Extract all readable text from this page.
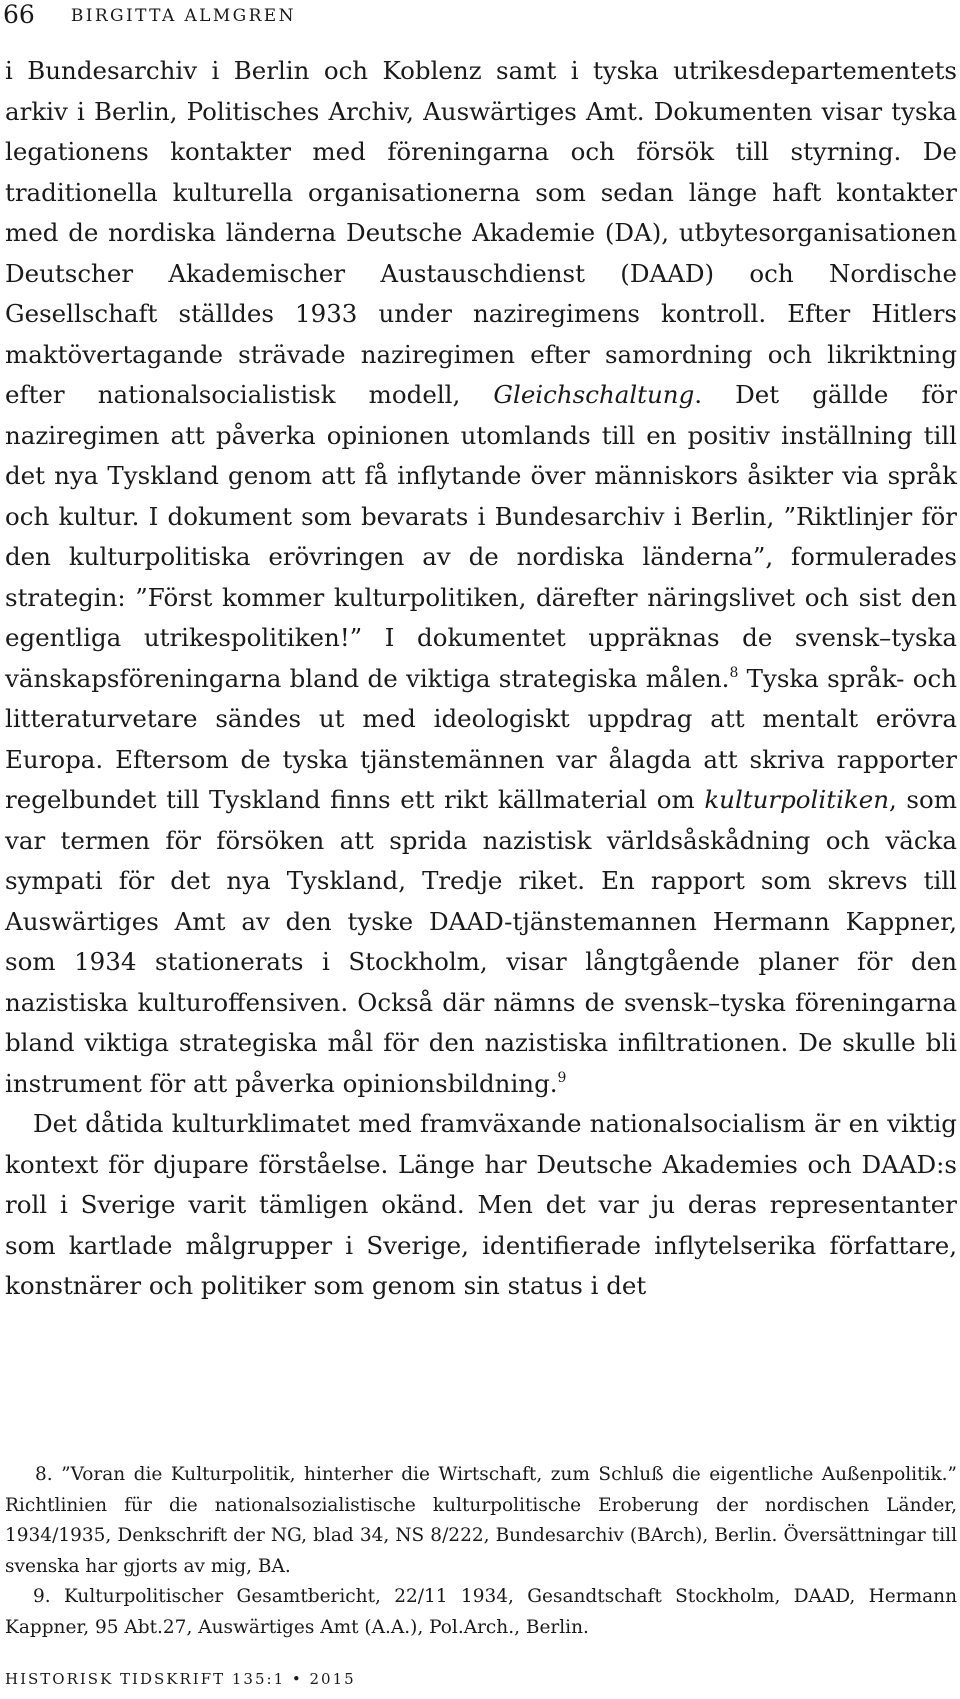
66 BIRGITTA ALMGREN

i Bundesarchiv i Berlin och Koblenz samt i tyska utrikesdepartementets arkiv i Berlin, Politisches Archiv, Auswärtiges Amt. Dokumenten visar tyska legationens kontakter med föreningarna och försök till styrning. De traditionella kulturella organisationerna som sedan länge haft kontakter med de nordiska länderna Deutsche Akademie (DA), utbytesorganisationen Deutscher Akademischer Austauschdienst (DAAD) och Nordische Gesellschaft ställdes 1933 under naziregimens kontroll. Efter Hitlers maktövertagande strävade naziregimen efter samordning och likriktning efter nationalsocialistisk modell, Gleichschaltung. Det gällde för naziregimen att påverka opinionen utomlands till en positiv inställning till det nya Tyskland genom att få inflytande över människors åsikter via språk och kultur. I dokument som bevarats i Bundesarchiv i Berlin, ”Riktlinjer för den kulturpolitiska erövringen av de nordiska länderna”, formulerades strategin: ”Först kommer kulturpolitiken, därefter näringslivet och sist den egentliga utrikespolitiken!” I dokumentet uppräknas de svensk–tyska vänskapsföreningarna bland de viktiga strategiska målen.$^8$ Tyska språk- och litteraturvetare sändes ut med ideologiskt uppdrag att mentalt erövra Europa. Eftersom de tyska tjänstemännen var ålagda att skriva rapporter regelbundet till Tyskland finns ett rikt källmaterial om kulturpolitiken, som var termen för försöken att sprida nazistisk världsåskådning och väcka sympati för det nya Tyskland, Tredje riket. En rapport som skrevs till Auswärtiges Amt av den tyske DAAD-tjänstemannen Hermann Kappner, som 1934 stationerats i Stockholm, visar långtgående planer för den nazistiska kulturoffensiven. Också där nämns de svensk–tyska föreningarna bland viktiga strategiska mål för den nazistiska infiltrationen. De skulle bli instrument för att påverka opinionsbildning.$^9$

Det dåtida kulturklimatet med framväxande nationalsocialism är en viktig kontext för djupare förståelse. Länge har Deutsche Akademies och DAAD:s roll i Sverige varit tämligen okänd. Men det var ju deras representanter som kartlade målgrupper i Sverige, identifierade inflytelserika författare, konstnärer och politiker som genom sin status i det

8. ”Voran die Kulturpolitik, hinterher die Wirtschaft, zum Schluß die eigentliche Außenpolitik.” Richtlinien für die nationalsozialistische kulturpolitische Eroberung der nordischen Länder, 1934/1935, Denkschrift der NG, blad 34, NS 8/222, Bundesarchiv (BArch), Berlin. Översättningar till svenska har gjorts av mig, BA.

9. Kulturpolitischer Gesamtbericht, 22/11 1934, Gesandtschaft Stockholm, DAAD, Hermann Kappner, 95 Abt.27, Auswärtiges Amt (A.A.), Pol.Arch., Berlin.

HISTORISK TIDSKRIFT 135:1 • 2015
